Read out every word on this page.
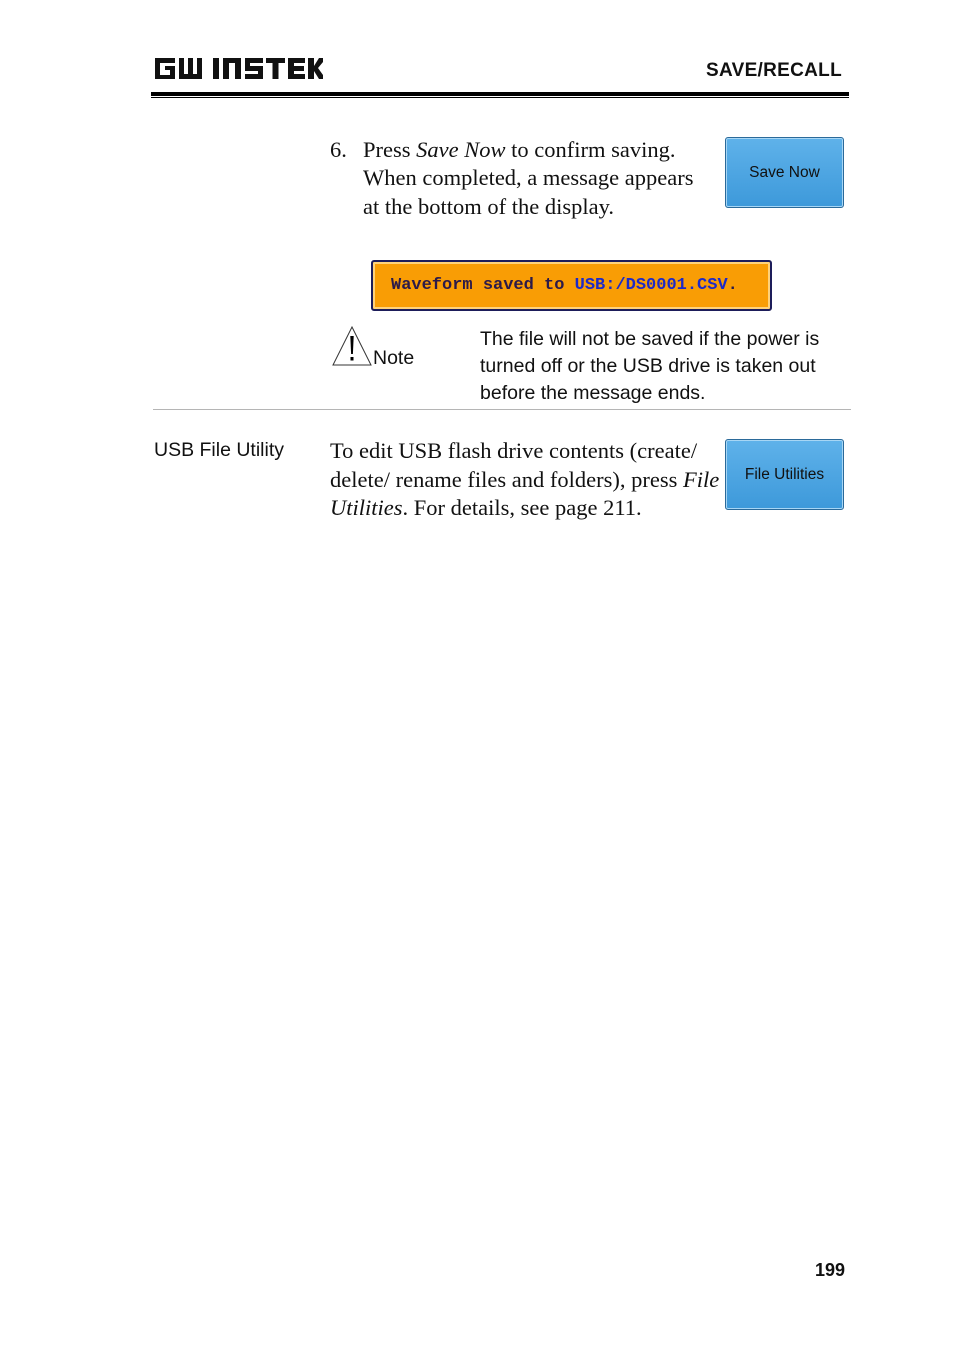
SAVE/RECALL
6. Press Save Now to confirm saving. When completed, a message appears at the bottom of the display.
Save Now
Waveform saved to USB:/DS0001.CSV .
Note
The file will not be saved if the power is turned off or the USB drive is taken out before the message ends.
USB File Utility To edit USB flash drive contents (create/ delete/ rename files and folders), press File Utilities. For details, see page 211.
File Utilities
199
